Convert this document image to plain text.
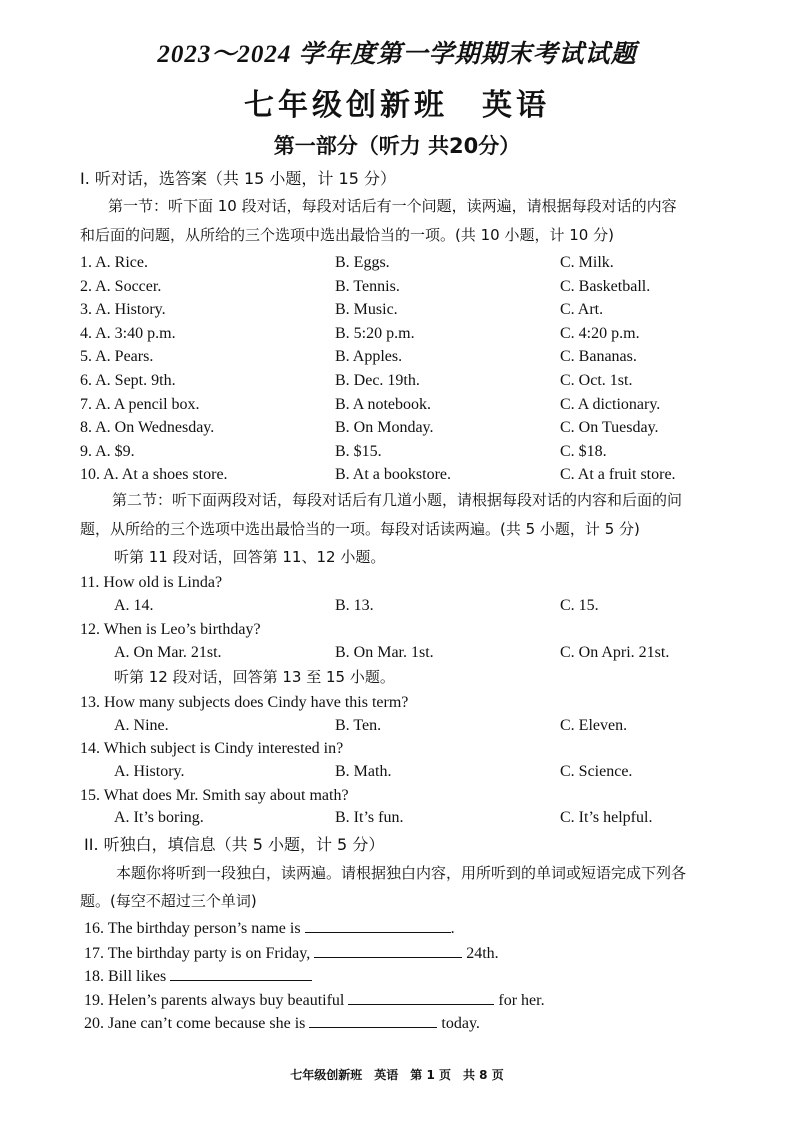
2023～2024 学年度第一学期期末考试试题
七年级创新班　英语
第一部分（听力 共20分）
I. 听对话，选答案（共 15 小题，计 15 分）
第一节：听下面 10 段对话，每段对话后有一个问题，读两遍，请根据每段对话的内容
和后面的问题，从所给的三个选项中选出最恰当的一项。(共 10 小题，计 10 分)
1. A. Rice.	B. Eggs.	C. Milk.
2. A. Soccer.	B. Tennis.	C. Basketball.
3. A. History.	B. Music.	C. Art.
4. A. 3:40 p.m.	B. 5:20 p.m.	C. 4:20 p.m.
5. A. Pears.	B. Apples.	C. Bananas.
6. A. Sept. 9th.	B. Dec. 19th.	C. Oct. 1st.
7. A. A pencil box.	B. A notebook.	C. A dictionary.
8. A. On Wednesday.	B. On Monday.	C. On Tuesday.
9. A. $9.	B. $15.	C. $18.
10. A. At a shoes store.	B. At a bookstore.	C. At a fruit store.
第二节：听下面两段对话，每段对话后有几道小题，请根据每段对话的内容和后面的问
题，从所给的三个选项中选出最恰当的一项。每段对话读两遍。(共 5 小题，计 5 分)
听第 11 段对话，回答第 11、12 小题。
11. How old is Linda?
A. 14.	B. 13.	C. 15.
12. When is Leo’s birthday?
A. On Mar. 21st.	B. On Mar. 1st.	C. On Apri. 21st.
听第 12 段对话，回答第 13 至 15 小题。
13. How many subjects does Cindy have this term?
A. Nine.	B. Ten.	C. Eleven.
14. Which subject is Cindy interested in?
A. History.	B. Math.	C. Science.
15. What does Mr. Smith say about math?
A. It’s boring.	B. It’s fun.	C. It’s helpful.
II. 听独白，填信息（共 5 小题，计 5 分）
本题你将听到一段独白，读两遍。请根据独白内容，用所听到的单词或短语完成下列各
题。(每空不超过三个单词)
16. The birthday person’s name is	.
17. The birthday party is on Friday,	24th.
18. Bill likes
19. Helen’s parents always buy beautiful	for her.
20. Jane can’t come because she is	today.
七年级创新班　英语　第 1 页　共 8 页
